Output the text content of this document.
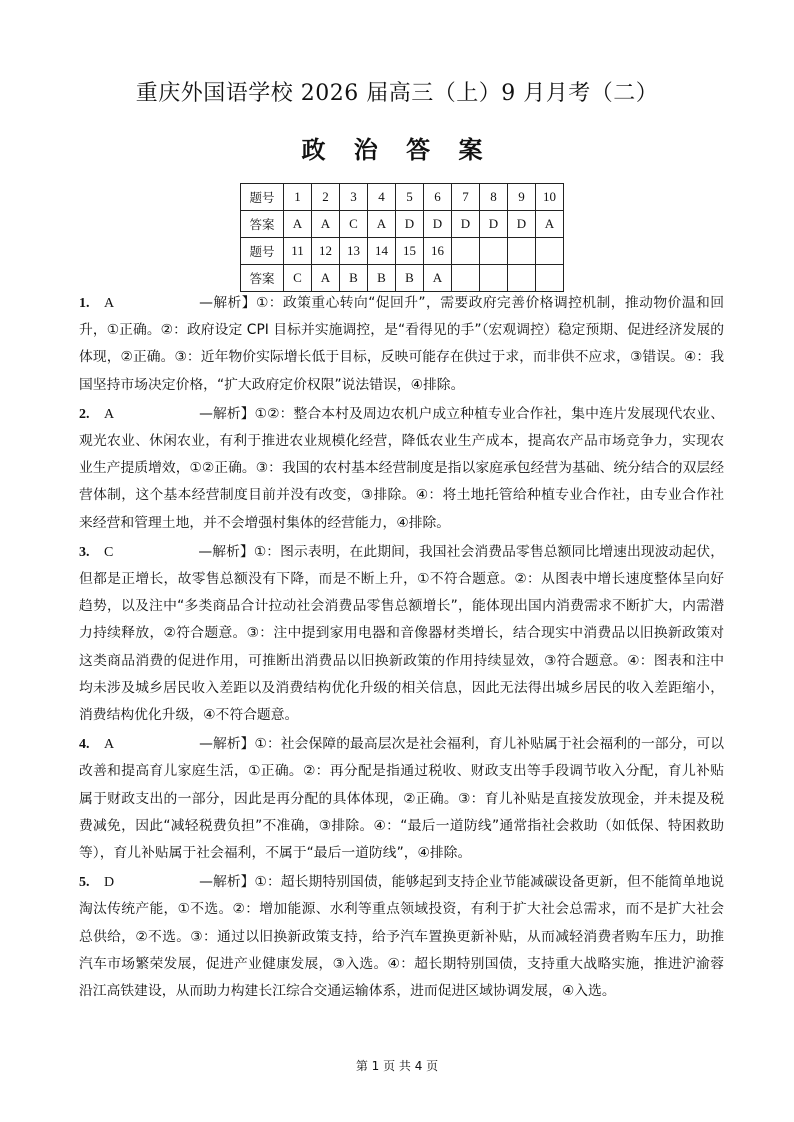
重庆外国语学校 2026 届高三（上）9 月月考（二）
政 治 答 案
题号	1	2	3	4	5	6	7	8	9	10
答案	A	A	C	A	D	D	D	D	D	A
题号	11	12	13	14	15	16				
答案	C	A	B	B	B	A				
1.	A	—解析】①：政策重心转向“促回升”，需要政府完善价格调控机制，推动物价温和回升，①正确。②：政府设定 CPI 目标并实施调控，是“看得见的手”（宏观调控）稳定预期、促进经济发展的体现，②正确。③：近年物价实际增长低于目标，反映可能存在供过于求，而非供不应求，③错误。④：我国坚持市场决定价格，“扩大政府定价权限”说法错误，④排除。
2.	A	—解析】①②：整合本村及周边农机户成立种植专业合作社，集中连片发展现代农业、观光农业、休闲农业，有利于推进农业规模化经营，降低农业生产成本，提高农产品市场竞争力，实现农业生产提质增效，①②正确。③：我国的农村基本经营制度是指以家庭承包经营为基础、统分结合的双层经营体制，这个基本经营制度目前并没有改变，③排除。④：将土地托管给种植专业合作社，由专业合作社来经营和管理土地，并不会增强村集体的经营能力，④排除。
3.	C	—解析】①：图示表明，在此期间，我国社会消费品零售总额同比增速出现波动起伏，但都是正增长，故零售总额没有下降，而是不断上升，①不符合题意。②：从图表中增长速度整体呈向好趋势，以及注中“多类商品合计拉动社会消费品零售总额增长”，能体现出国内消费需求不断扩大，内需潜力持续释放，②符合题意。③：注中提到家用电器和音像器材类增长，结合现实中消费品以旧换新政策对这类商品消费的促进作用，可推断出消费品以旧换新政策的作用持续显效，③符合题意。④：图表和注中均未涉及城乡居民收入差距以及消费结构优化升级的相关信息，因此无法得出城乡居民的收入差距缩小，消费结构优化升级，④不符合题意。
4.	A	—解析】①：社会保障的最高层次是社会福利，育儿补贴属于社会福利的一部分，可以改善和提高育儿家庭生活，①正确。②：再分配是指通过税收、财政支出等手段调节收入分配，育儿补贴属于财政支出的一部分，因此是再分配的具体体现，②正确。③：育儿补贴是直接发放现金，并未提及税费减免，因此“减轻税费负担”不准确，③排除。④：“最后一道防线”通常指社会救助（如低保、特困救助等），育儿补贴属于社会福利，不属于“最后一道防线”，④排除。
5.	D	—解析】①：超长期特别国债，能够起到支持企业节能减碳设备更新，但不能简单地说淘汰传统产能，①不选。②：增加能源、水利等重点领域投资，有利于扩大社会总需求，而不是扩大社会总供给，②不选。③：通过以旧换新政策支持，给予汽车置换更新补贴，从而减轻消费者购车压力，助推汽车市场繁荣发展，促进产业健康发展，③入选。④：超长期特别国债，支持重大战略实施，推进沪渝蓉沿江高铁建设，从而助力构建长江综合交通运输体系，进而促进区域协调发展，④入选。
第 1 页 共 4 页
